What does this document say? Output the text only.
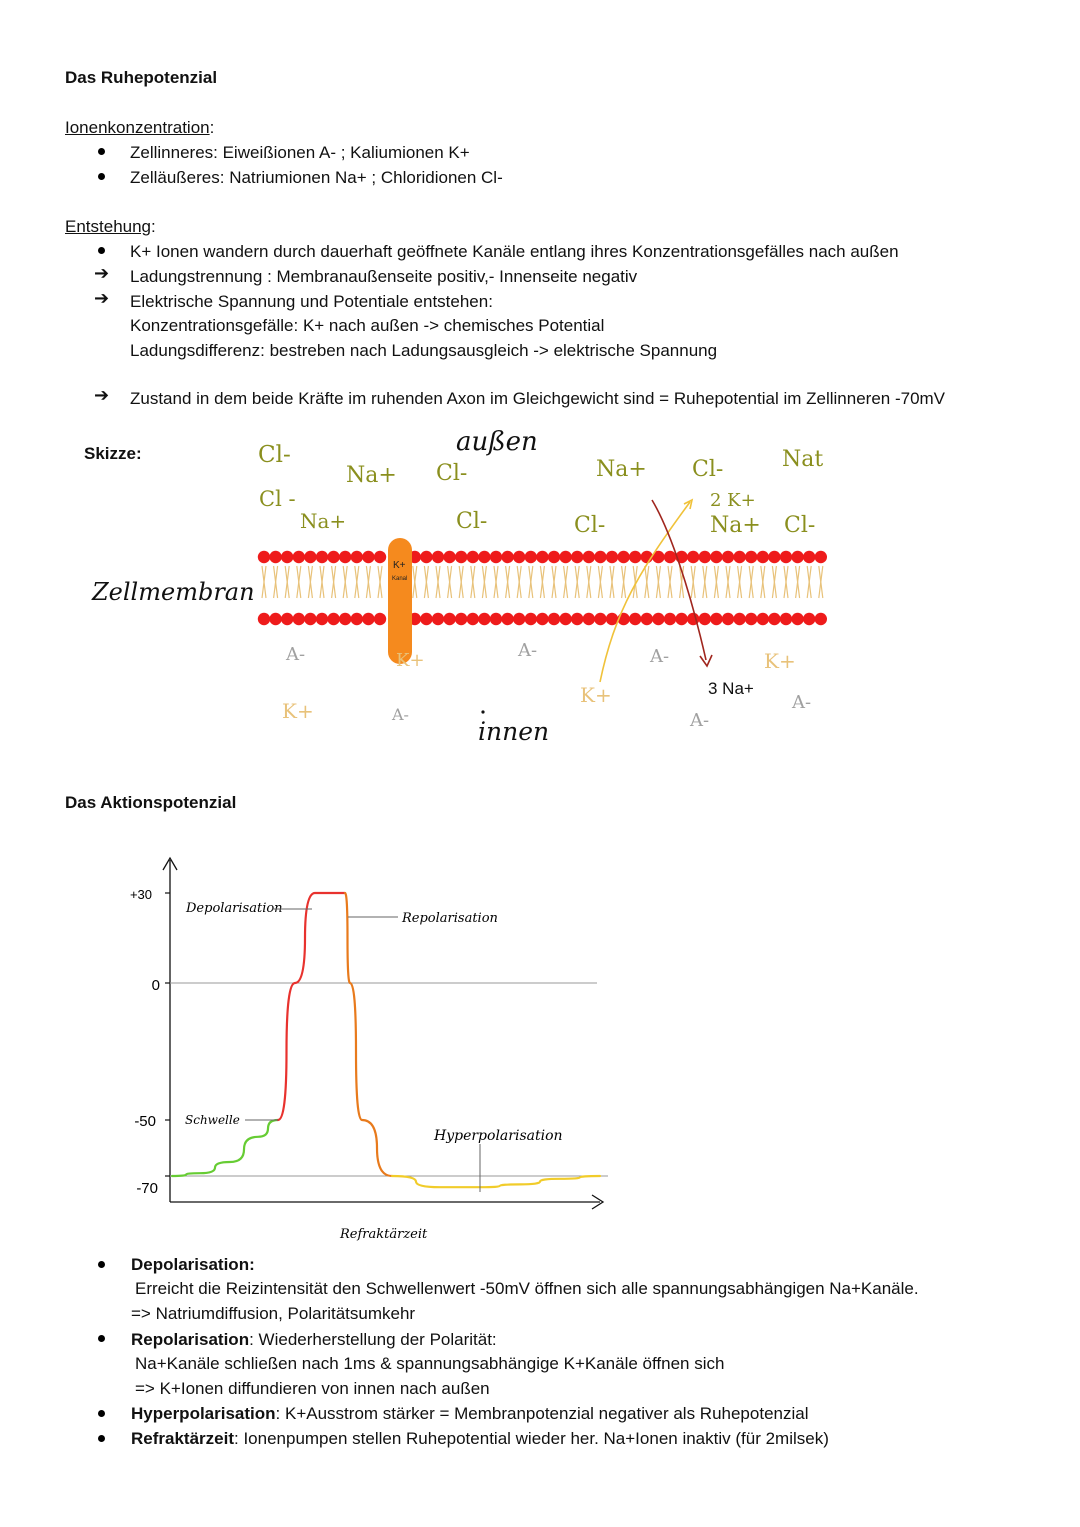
Das Ruhepotenzial
Ionenkonzentration:
Zellinneres: Eiweißionen A- ; Kaliumionen K+
Zelläußeres: Natriumionen Na+ ; Chloridionen Cl-
Entstehung:
K+ Ionen wandern durch dauerhaft geöffnete Kanäle entlang ihres Konzentrationsgefälles nach außen
➔ Ladungstrennung : Membranaußenseite positiv,- Innenseite negativ
➔ Elektrische Spannung und Potentiale entstehen:
Konzentrationsgefälle: K+ nach außen -> chemisches Potential
Ladungsdifferenz: bestreben nach Ladungsausgleich -> elektrische Spannung
➔ Zustand in dem beide Kräfte im ruhenden Axon im Gleichgewicht sind = Ruhepotential im Zellinneren -70mV
Skizze:
K+
Kanal
Zellmembran
außen
innen
Cl-
Na+ Cl-	Na+ Cl-	Nat
Cl -
Na+	Cl-	Cl-
2 K+
Na+ Cl-
A-	K+	A-
K+	A-
A-
K+
A-
K+
3 Na+
A-
Das Aktionspotenzial
+30
0
-50
-70
Depolarisation
Repolarisation
Schwelle
Hyperpolarisation
Refraktärzeit
Depolarisation:
Erreicht die Reizintensität den Schwellenwert -50mV öffnen sich alle spannungsabhängigen Na+Kanäle.
=> Natriumdiffusion, Polaritätsumkehr
Repolarisation: Wiederherstellung der Polarität:
Na+Kanäle schließen nach 1ms & spannungsabhängige K+Kanäle öffnen sich
=> K+Ionen diffundieren von innen nach außen
Hyperpolarisation: K+Ausstrom stärker = Membranpotenzial negativer als Ruhepotenzial
Refraktärzeit: Ionenpumpen stellen Ruhepotential wieder her. Na+Ionen inaktiv (für 2milsek)
